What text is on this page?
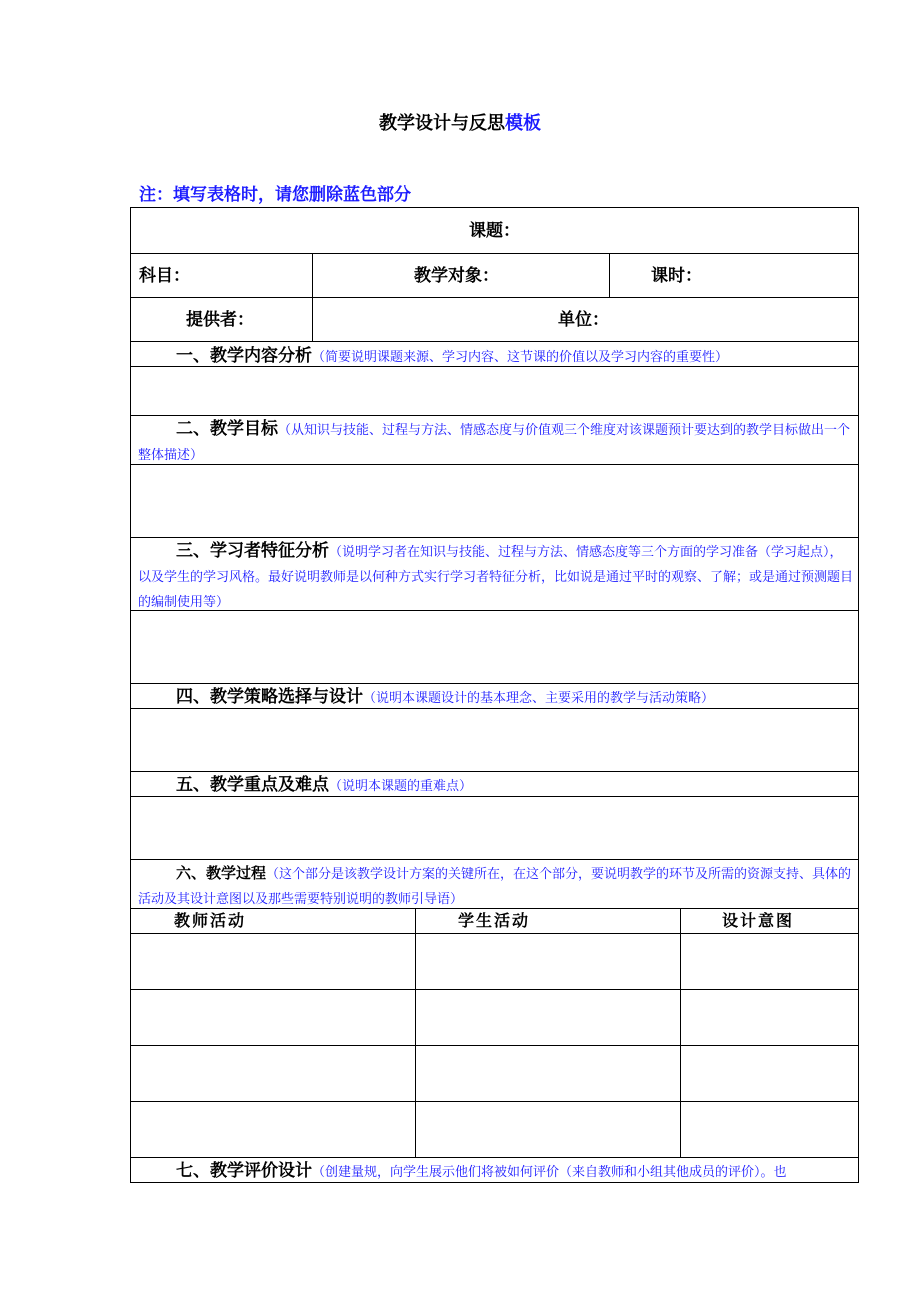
教学设计与反思模板
注：填写表格时，请您删除蓝色部分
课题：
科目：	教学对象：	课时：
提供者：	单位：
一、教学内容分析（简要说明课题来源、学习内容、这节课的价值以及学习内容的重要性）
二、教学目标（从知识与技能、过程与方法、情感态度与价值观三个维度对该课题预计要达到的教学目标做出一个整体描述）
三、学习者特征分析（说明学习者在知识与技能、过程与方法、情感态度等三个方面的学习准备（学习起点），以及学生的学习风格。最好说明教师是以何种方式实行学习者特征分析，比如说是通过平时的观察、了解；或是通过预测题目的编制使用等）
四、教学策略选择与设计（说明本课题设计的基本理念、主要采用的教学与活动策略）
五、教学重点及难点（说明本课题的重难点）
六、教学过程（这个部分是该教学设计方案的关键所在，在这个部分，要说明教学的环节及所需的资源支持、具体的活动及其设计意图以及那些需要特别说明的教师引导语）
教师活动	学生活动	设计意图
七、教学评价设计（创建量规，向学生展示他们将被如何评价（来自教师和小组其他成员的评价）。也
